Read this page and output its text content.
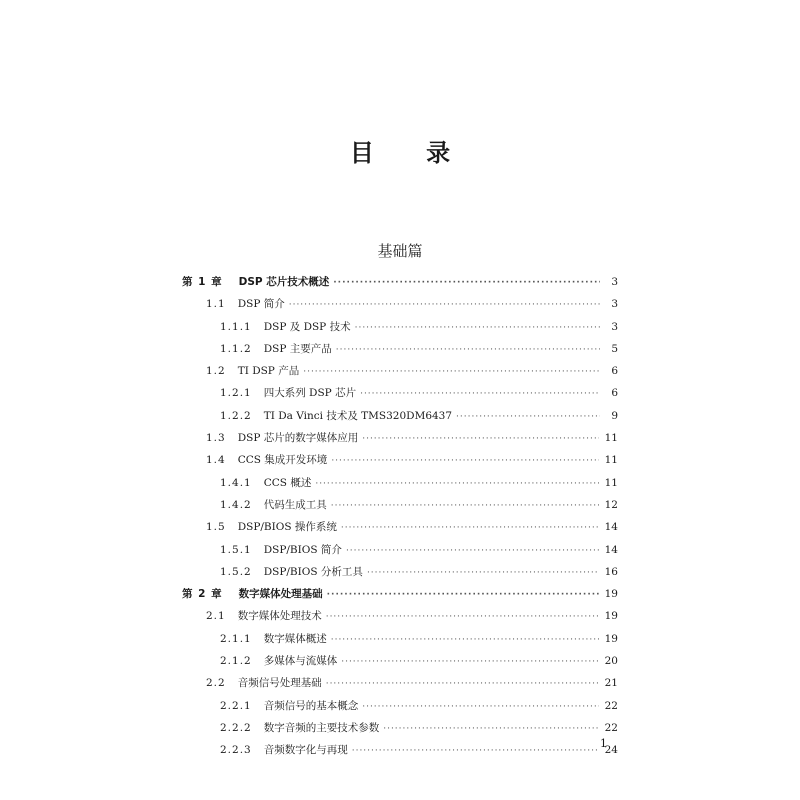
目 录
基础篇
第 1 章 DSP 芯片技术概述 ·····	3
1.1 DSP 简介 ·····	3
1.1.1 DSP 及 DSP 技术 ·····	3
1.1.2 DSP 主要产品 ·····	5
1.2 TI DSP 产品 ·····	6
1.2.1 四大系列 DSP 芯片 ·····	6
1.2.2 TI Da Vinci 技术及 TMS320DM6437 ·····	9
1.3 DSP 芯片的数字媒体应用 ·····	11
1.4 CCS 集成开发环境 ·····	11
1.4.1 CCS 概述 ·····	11
1.4.2 代码生成工具 ·····	12
1.5 DSP/BIOS 操作系统 ·····	14
1.5.1 DSP/BIOS 简介 ·····	14
1.5.2 DSP/BIOS 分析工具 ·····	16
第 2 章 数字媒体处理基础 ·····	19
2.1 数字媒体处理技术 ·····	19
2.1.1 数字媒体概述 ·····	19
2.1.2 多媒体与流媒体 ·····	20
2.2 音频信号处理基础 ·····	21
2.2.1 音频信号的基本概念 ·····	22
2.2.2 数字音频的主要技术参数 ·····	22
2.2.3 音频数字化与再现 ·····	24
1
